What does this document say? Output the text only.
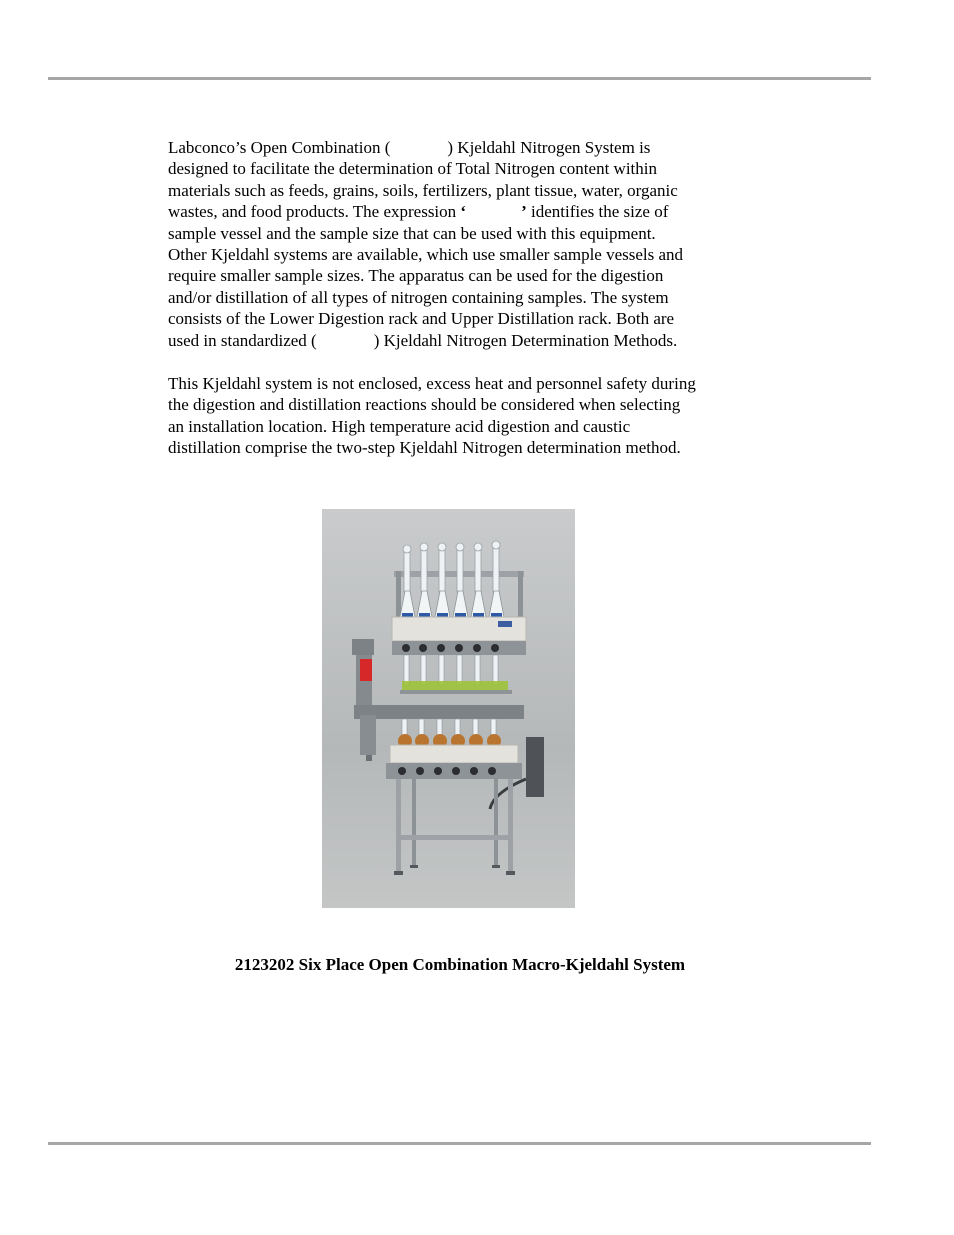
Labconco’s Open Combination (	) Kjeldahl Nitrogen System is
designed to facilitate the determination of Total Nitrogen content within
materials such as feeds, grains, soils, fertilizers, plant tissue, water, organic
wastes, and food products. The expression ‘	’ identifies the size of
sample vessel and the sample size that can be used with this equipment.
Other Kjeldahl systems are available, which use smaller sample vessels and
require smaller sample sizes. The apparatus can be used for the digestion
and/or distillation of all types of nitrogen containing samples. The system
consists of the Lower Digestion rack and Upper Distillation rack. Both are
used in standardized (	) Kjeldahl Nitrogen Determination Methods.
This Kjeldahl system is not enclosed, excess heat and personnel safety during
the digestion and distillation reactions should be considered when selecting
an installation location. High temperature acid digestion and caustic
distillation comprise the two-step Kjeldahl Nitrogen determination method.
2123202 Six Place Open Combination Macro-Kjeldahl System
